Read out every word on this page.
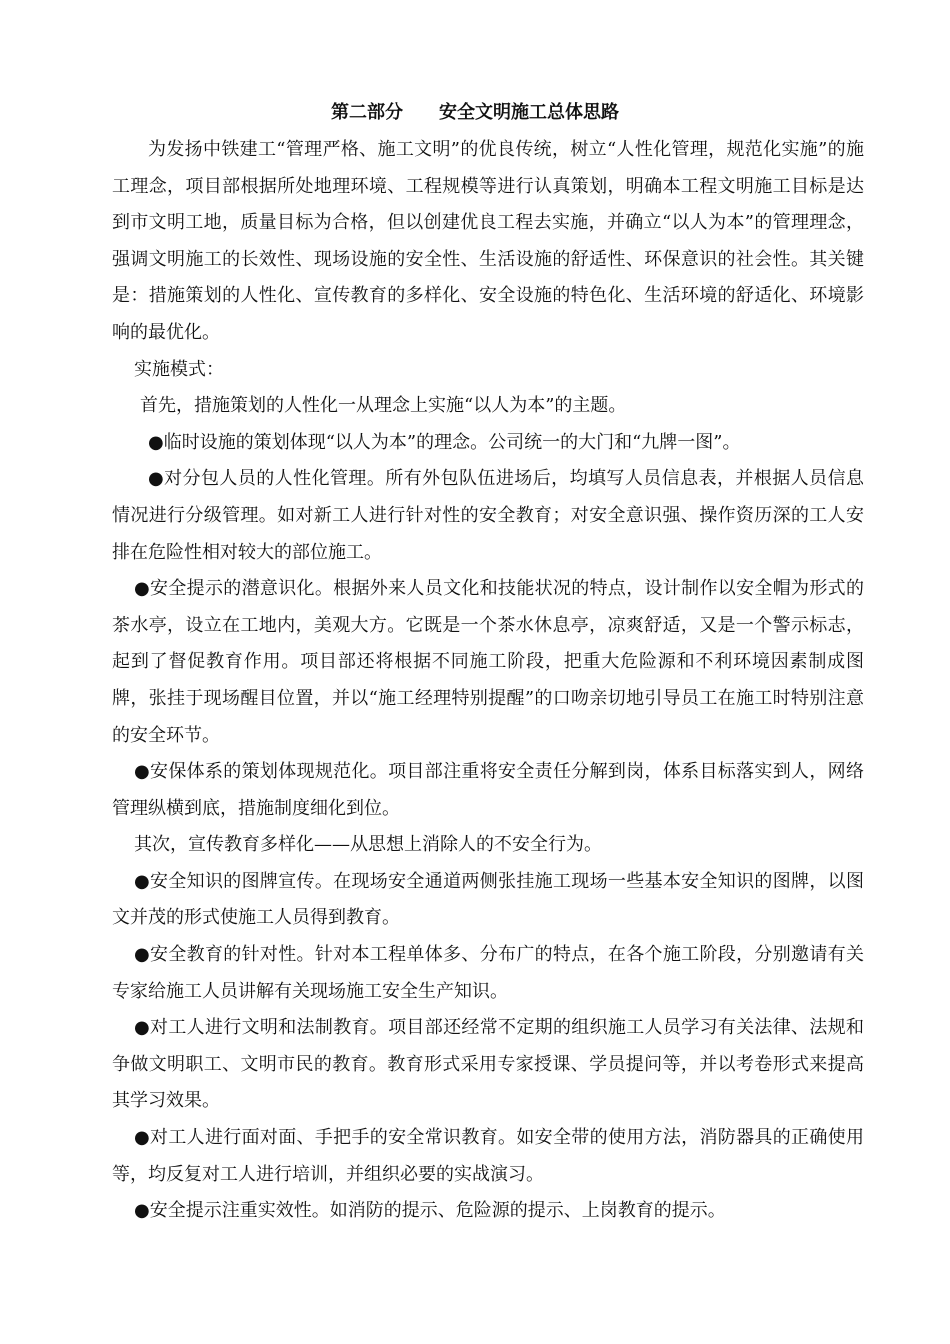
第二部分　　安全文明施工总体思路

为发扬中铁建工“管理严格、施工文明”的优良传统，树立“人性化管理，规范化实施”的施工理念，项目部根据所处地理环境、工程规模等进行认真策划，明确本工程文明施工目标是达到市文明工地，质量目标为合格，但以创建优良工程去实施，并确立“以人为本”的管理理念，强调文明施工的长效性、现场设施的安全性、生活设施的舒适性、环保意识的社会性。其关键是：措施策划的人性化、宣传教育的多样化、安全设施的特色化、生活环境的舒适化、环境影响的最优化。

实施模式：

首先，措施策划的人性化一从理念上实施“以人为本”的主题。

●临时设施的策划体现“以人为本”的理念。公司统一的大门和“九牌一图”。

●对分包人员的人性化管理。所有外包队伍进场后，均填写人员信息表，并根据人员信息情况进行分级管理。如对新工人进行针对性的安全教育；对安全意识强、操作资历深的工人安排在危险性相对较大的部位施工。

●安全提示的潜意识化。根据外来人员文化和技能状况的特点，设计制作以安全帽为形式的茶水亭，设立在工地内，美观大方。它既是一个茶水休息亭，凉爽舒适，又是一个警示标志，起到了督促教育作用。项目部还将根据不同施工阶段，把重大危险源和不利环境因素制成图牌，张挂于现场醒目位置，并以“施工经理特别提醒”的口吻亲切地引导员工在施工时特别注意的安全环节。

●安保体系的策划体现规范化。项目部注重将安全责任分解到岗，体系目标落实到人，网络管理纵横到底，措施制度细化到位。

其次，宣传教育多样化——从思想上消除人的不安全行为。

●安全知识的图牌宣传。在现场安全通道两侧张挂施工现场一些基本安全知识的图牌，以图文并茂的形式使施工人员得到教育。

●安全教育的针对性。针对本工程单体多、分布广的特点，在各个施工阶段，分别邀请有关专家给施工人员讲解有关现场施工安全生产知识。

●对工人进行文明和法制教育。项目部还经常不定期的组织施工人员学习有关法律、法规和争做文明职工、文明市民的教育。教育形式采用专家授课、学员提问等，并以考卷形式来提高其学习效果。

●对工人进行面对面、手把手的安全常识教育。如安全带的使用方法，消防器具的正确使用等，均反复对工人进行培训，并组织必要的实战演习。

●安全提示注重实效性。如消防的提示、危险源的提示、上岗教育的提示。
